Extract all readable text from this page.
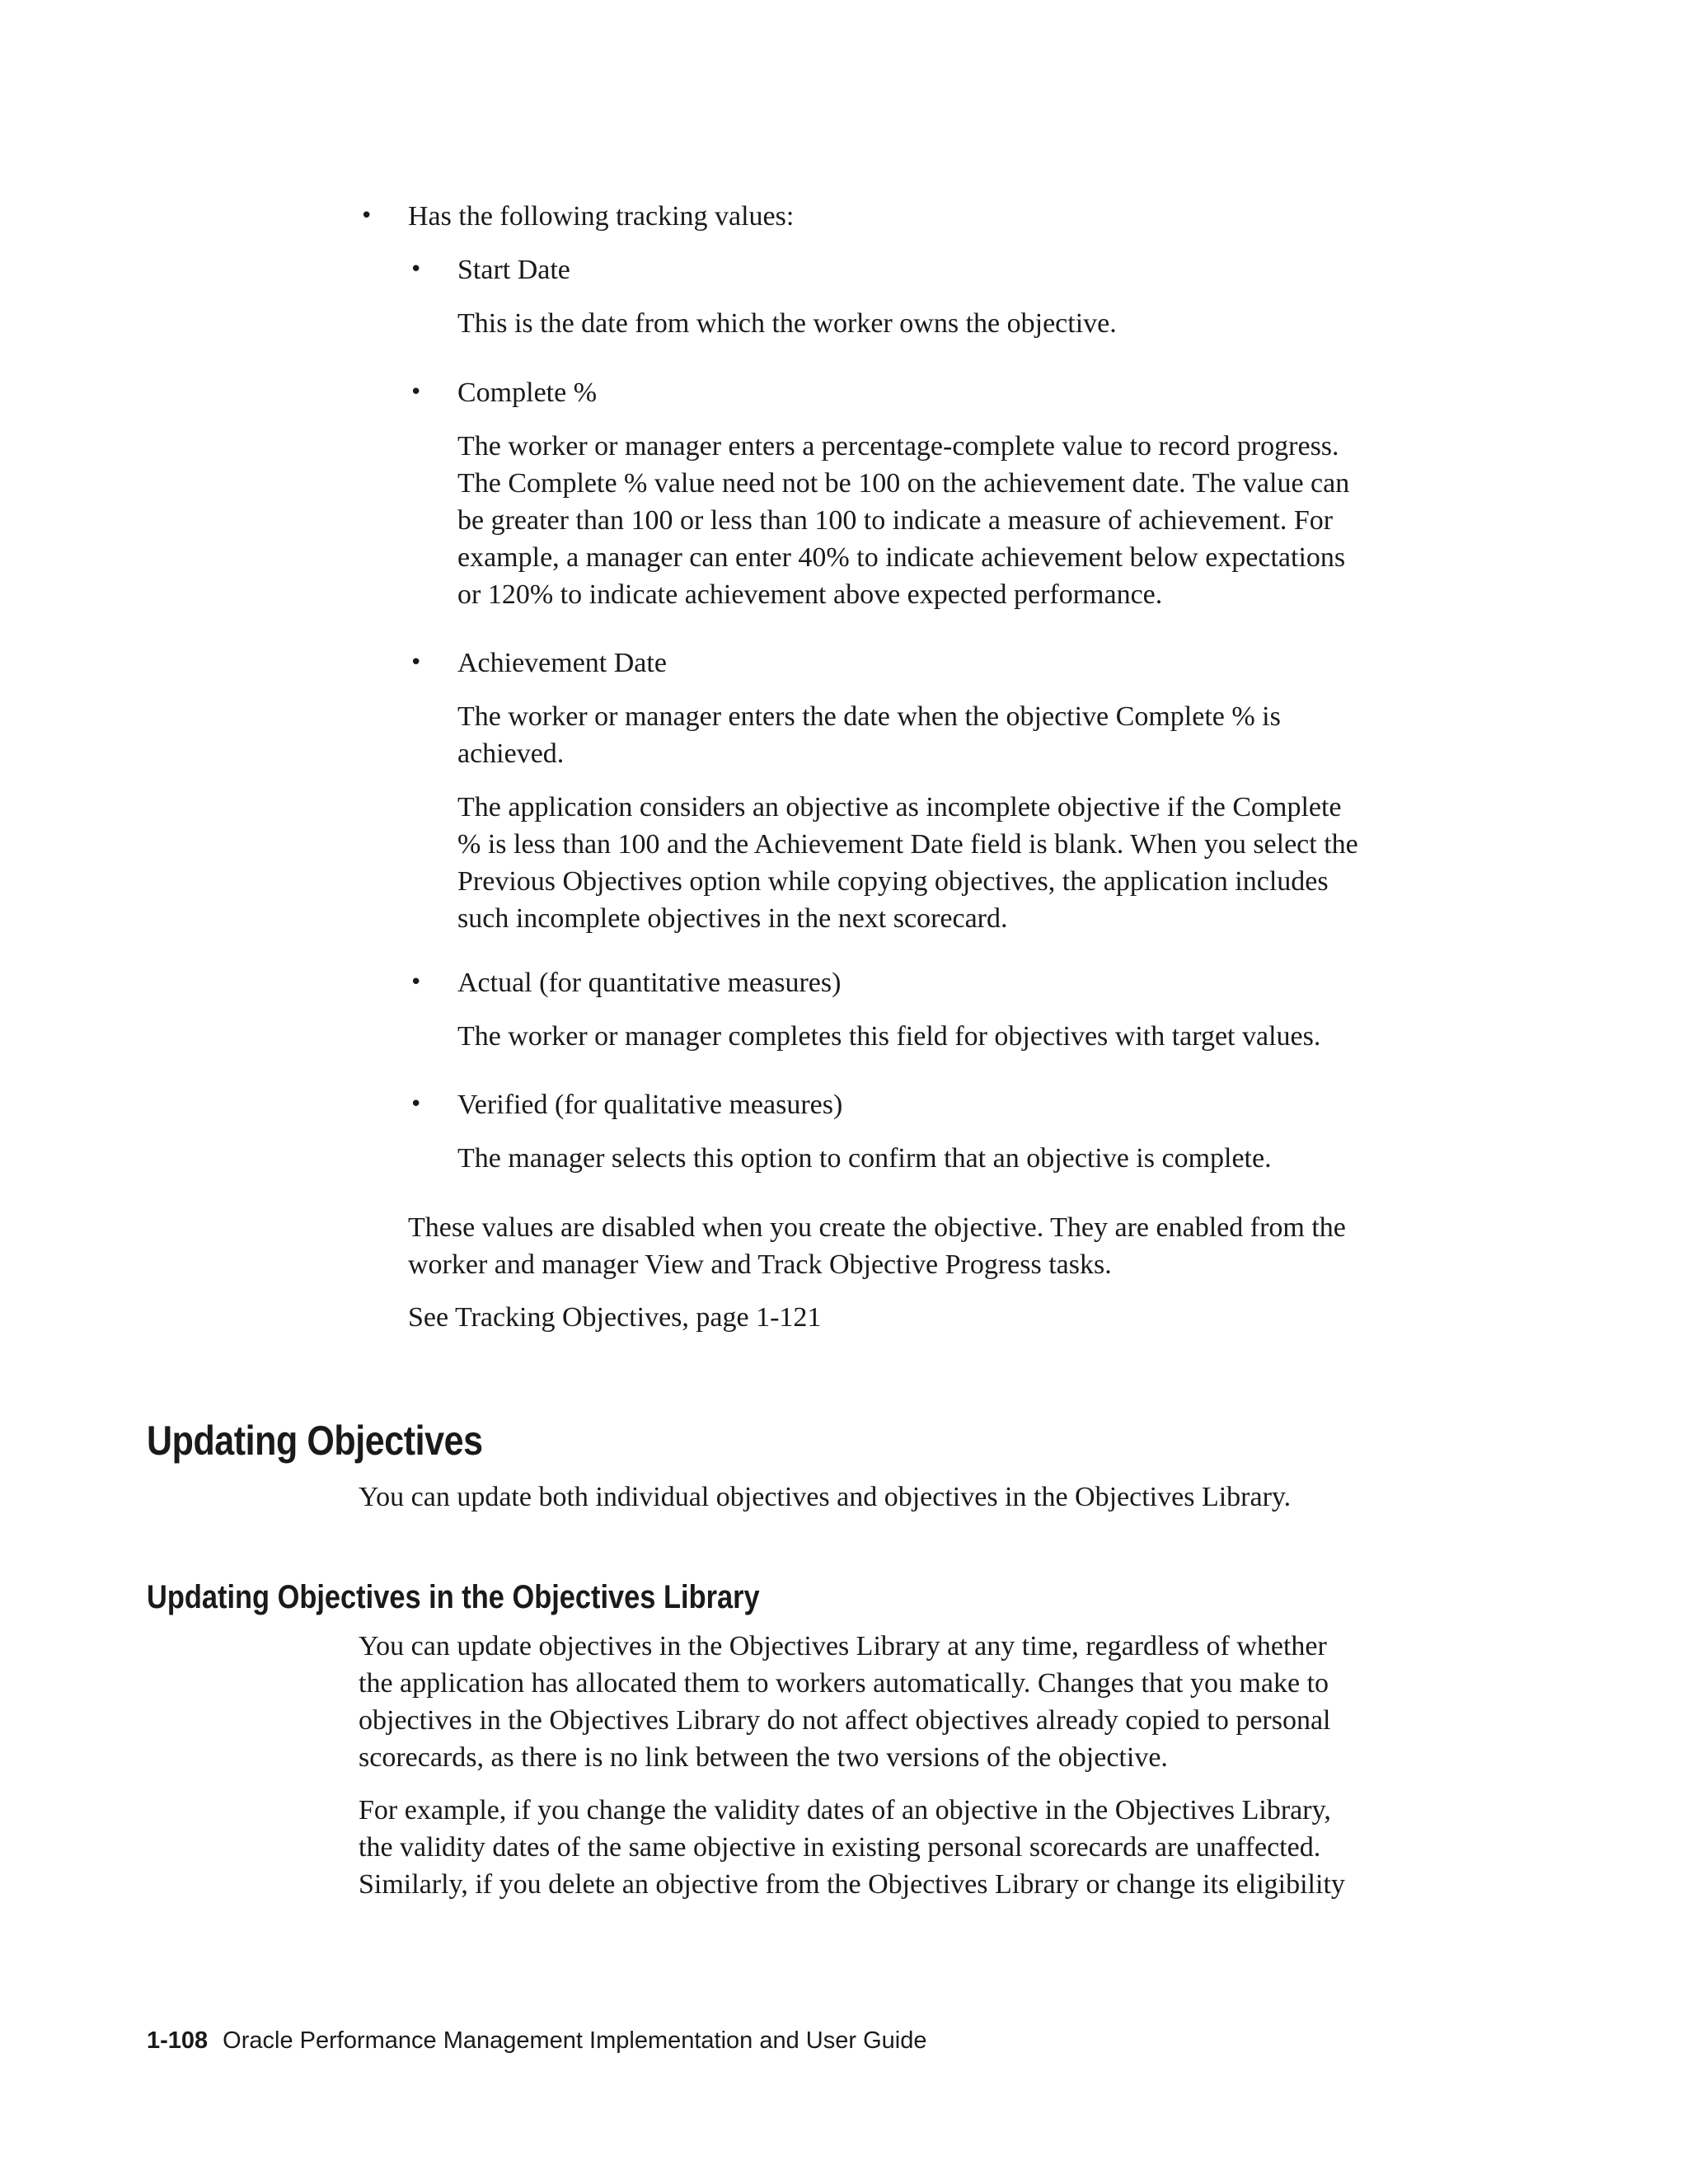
• Has the following tracking values:

• Start Date

This is the date from which the worker owns the objective.

• Complete %

The worker or manager enters a percentage-complete value to record progress.
The Complete % value need not be 100 on the achievement date. The value can
be greater than 100 or less than 100 to indicate a measure of achievement. For
example, a manager can enter 40% to indicate achievement below expectations
or 120% to indicate achievement above expected performance.
• Achievement Date

The worker or manager enters the date when the objective Complete % is
achieved.
The application considers an objective as incomplete objective if the Complete
% is less than 100 and the Achievement Date field is blank. When you select the
Previous Objectives option while copying objectives, the application includes
such incomplete objectives in the next scorecard.
• Actual (for quantitative measures)

The worker or manager completes this field for objectives with target values.

• Verified (for qualitative measures)

The manager selects this option to confirm that an objective is complete.

These values are disabled when you create the objective. They are enabled from the
worker and manager View and Track Objective Progress tasks.

See Tracking Objectives, page 1-121

Updating Objectives

You can update both individual objectives and objectives in the Objectives Library.

Updating Objectives in the Objectives Library
You can update objectives in the Objectives Library at any time, regardless of whether
the application has allocated them to workers automatically. Changes that you make to
objectives in the Objectives Library do not affect objectives already copied to personal
scorecards, as there is no link between the two versions of the objective.
For example, if you change the validity dates of an objective in the Objectives Library,
the validity dates of the same objective in existing personal scorecards are unaffected.
Similarly, if you delete an objective from the Objectives Library or change its eligibility
1-108 Oracle Performance Management Implementation and User Guide
